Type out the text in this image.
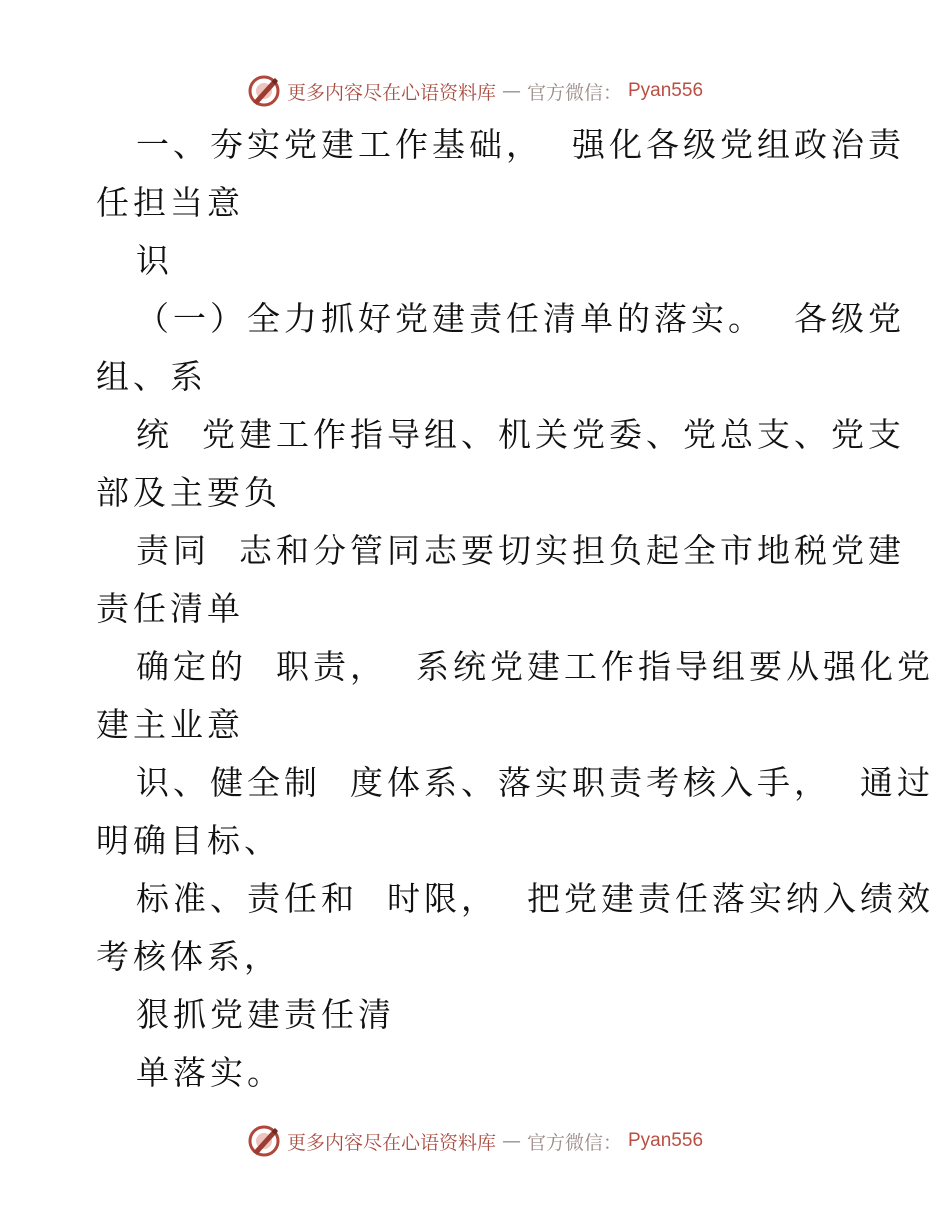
更多内容尽在心语资料库 — 官方微信： Pyan556
一、夯实党建工作基础，  强化各级党组政治责
任担当意
识
（一）全力抓好党建责任清单的落实。  各级党
组、系
统  党建工作指导组、机关党委、党总支、党支
部及主要负
责同  志和分管同志要切实担负起全市地税党建
责任清单
确定的  职责，  系统党建工作指导组要从强化党
建主业意
识、健全制  度体系、落实职责考核入手，  通过
明确目标、
标准、责任和  时限，  把党建责任落实纳入绩效
考核体系，
狠抓党建责任清
单落实。
更多内容尽在心语资料库 — 官方微信： Pyan556
